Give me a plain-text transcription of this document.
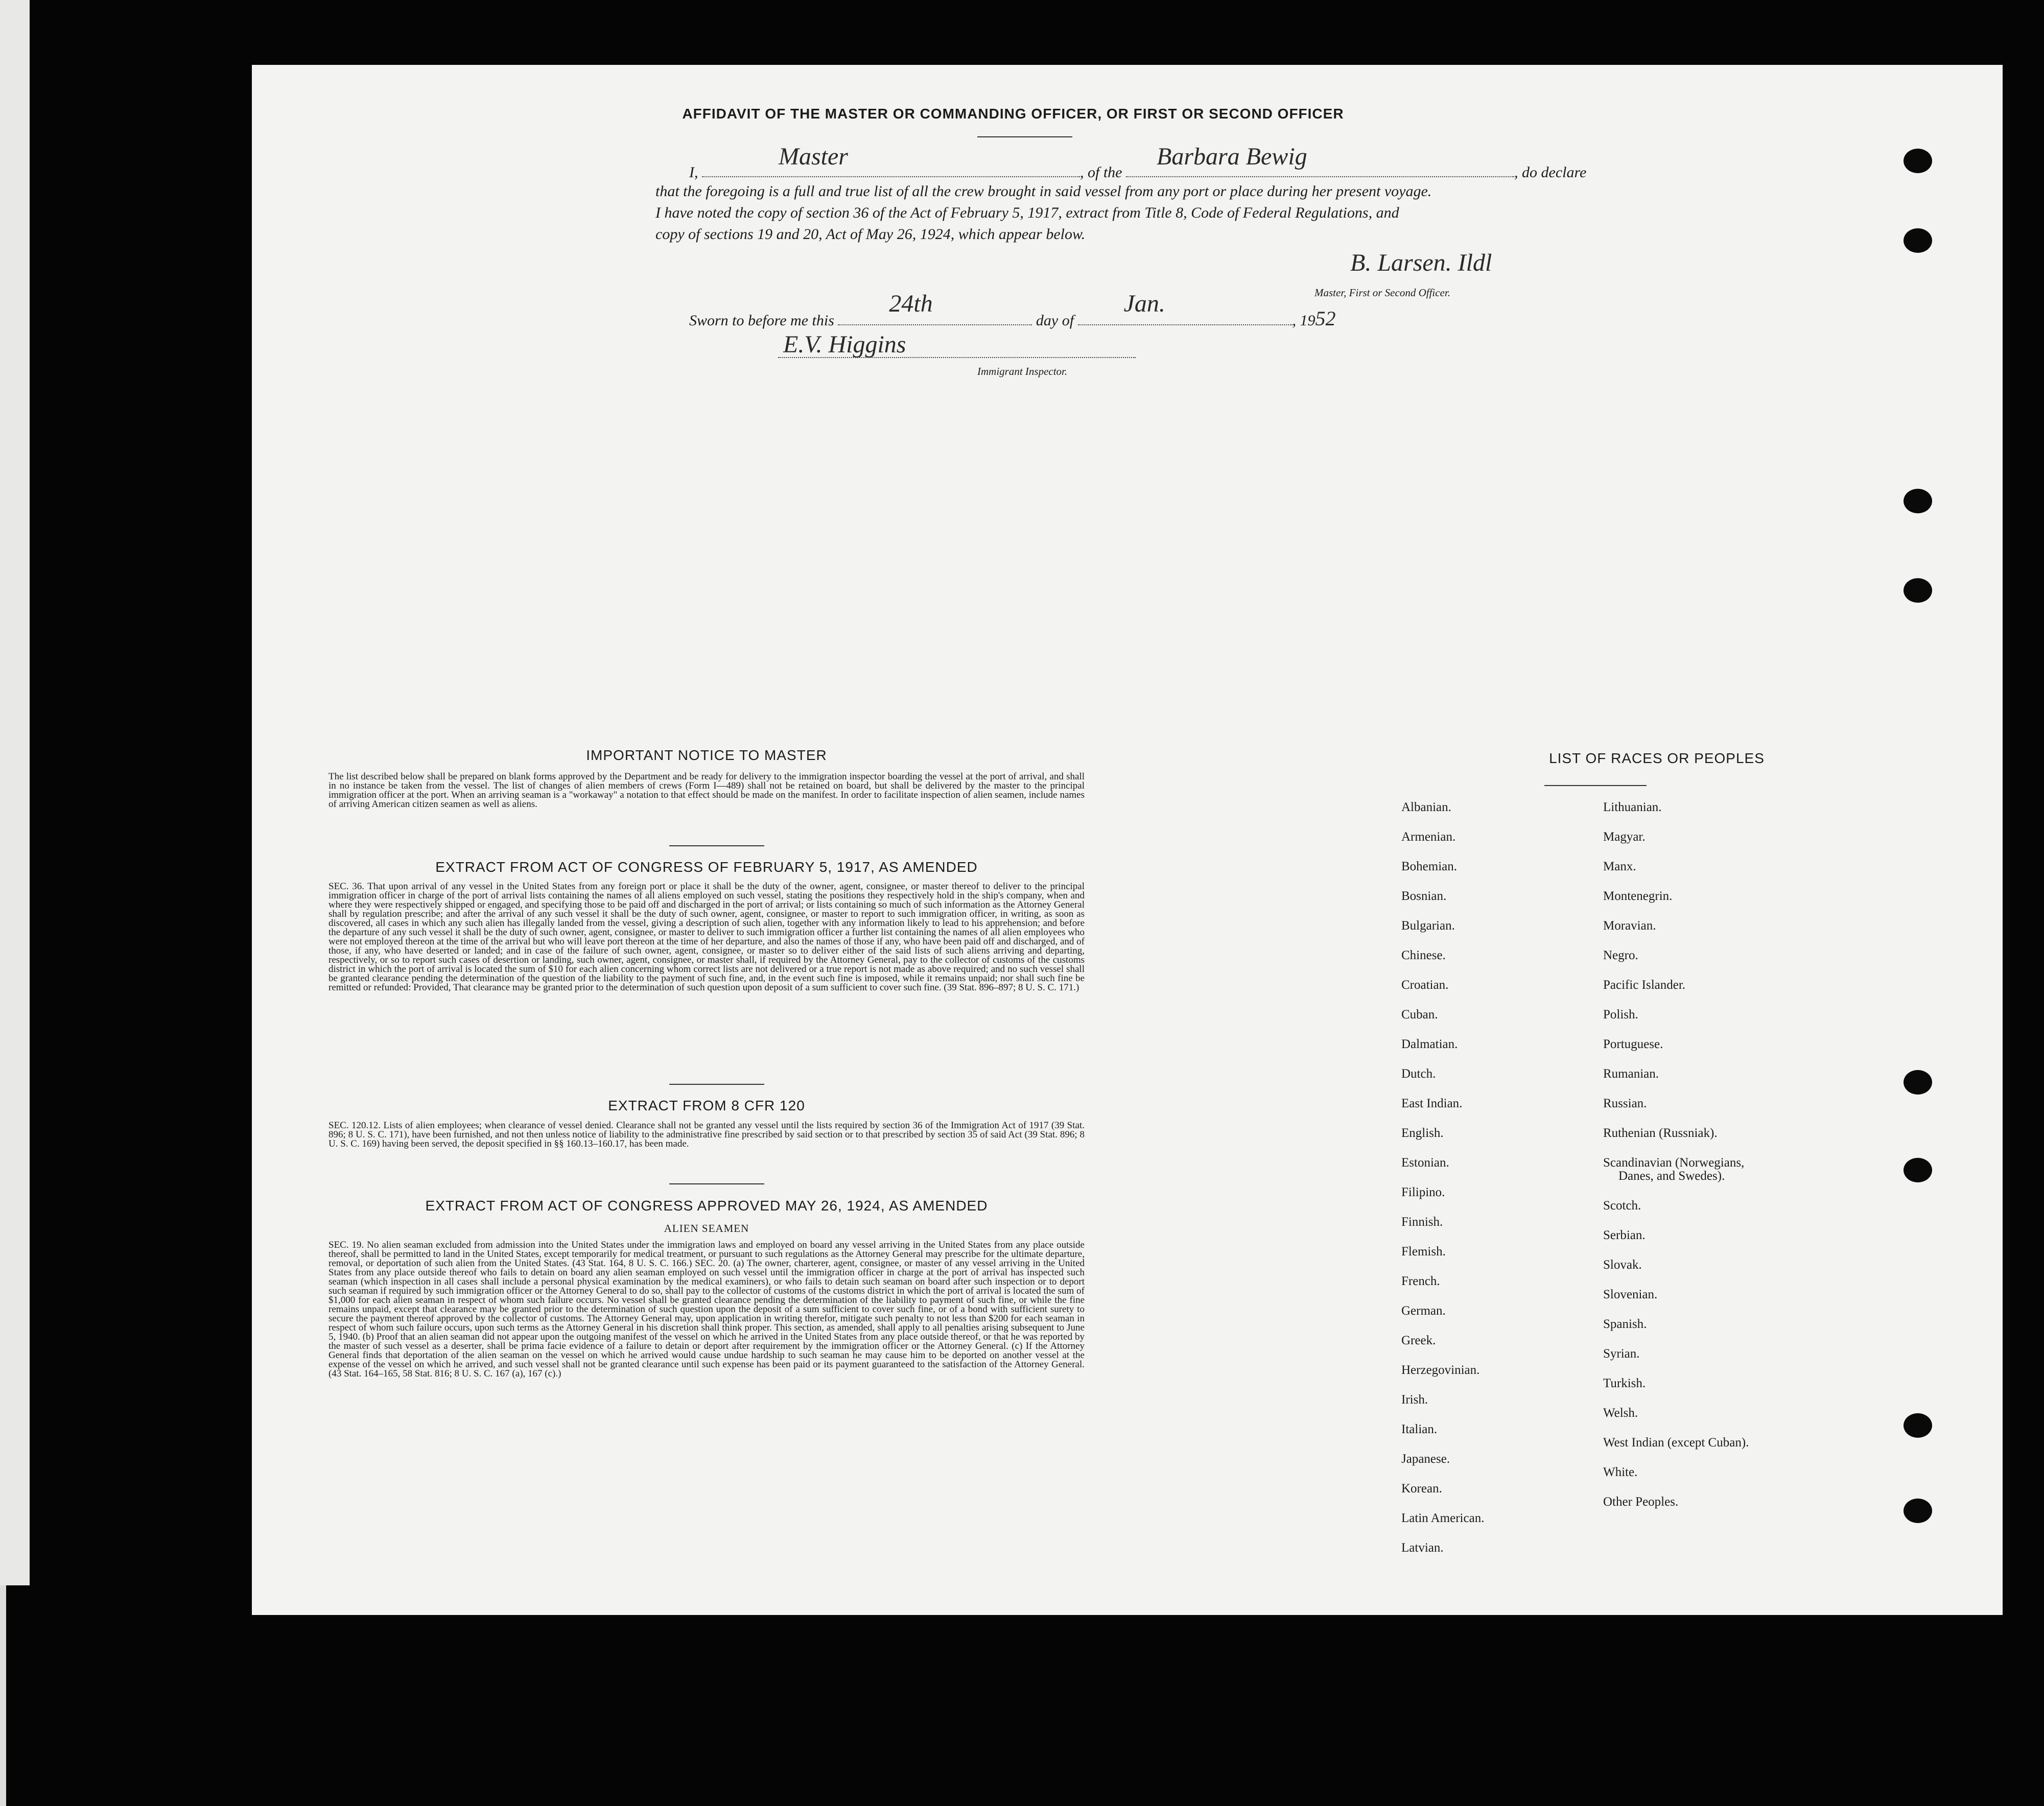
AFFIDAVIT OF THE MASTER OR COMMANDING OFFICER, OR FIRST OR SECOND OFFICER
I,
Master
, of the
Barbara Bewig
, do declare
that the foregoing is a full and true list of all the crew brought in said vessel from any port or place during her present voyage.
I have noted the copy of section 36 of the Act of February 5, 1917, extract from Title 8, Code of Federal Regulations, and
copy of sections 19 and 20, Act of May 26, 1924, which appear below.
B. Larsen. Ildl
Master, First or Second Officer.
Sworn to before me this
24th
day of
Jan.
, 1952
E.V. Higgins
Immigrant Inspector.
IMPORTANT NOTICE TO MASTER
The list described below shall be prepared on blank forms approved by the Department and be ready for delivery to the immigration inspector boarding the vessel at the port of arrival, and shall in no instance be taken from the vessel. The list of changes of alien members of crews (Form I—489) shall not be retained on board, but shall be delivered by the master to the principal immigration officer at the port. When an arriving seaman is a "workaway" a notation to that effect should be made on the manifest. In order to facilitate inspection of alien seamen, include names of arriving American citizen seamen as well as aliens.
EXTRACT FROM ACT OF CONGRESS OF FEBRUARY 5, 1917, AS AMENDED
SEC. 36. That upon arrival of any vessel in the United States from any foreign port or place it shall be the duty of the owner, agent, consignee, or master thereof to deliver to the principal immigration officer in charge of the port of arrival lists containing the names of all aliens employed on such vessel, stating the positions they respectively hold in the ship's company, when and where they were respectively shipped or engaged, and specifying those to be paid off and discharged in the port of arrival; or lists containing so much of such information as the Attorney General shall by regulation prescribe; and after the arrival of any such vessel it shall be the duty of such owner, agent, consignee, or master to report to such immigration officer, in writing, as soon as discovered, all cases in which any such alien has illegally landed from the vessel, giving a description of such alien, together with any information likely to lead to his apprehension; and before the departure of any such vessel it shall be the duty of such owner, agent, consignee, or master to deliver to such immigration officer a further list containing the names of all alien employees who were not employed thereon at the time of the arrival but who will leave port thereon at the time of her departure, and also the names of those if any, who have been paid off and discharged, and of those, if any, who have deserted or landed; and in case of the failure of such owner, agent, consignee, or master so to deliver either of the said lists of such aliens arriving and departing, respectively, or so to report such cases of desertion or landing, such owner, agent, consignee, or master shall, if required by the Attorney General, pay to the collector of customs of the customs district in which the port of arrival is located the sum of $10 for each alien concerning whom correct lists are not delivered or a true report is not made as above required; and no such vessel shall be granted clearance pending the determination of the question of the liability to the payment of such fine, and, in the event such fine is imposed, while it remains unpaid; nor shall such fine be remitted or refunded: Provided, That clearance may be granted prior to the determination of such question upon deposit of a sum sufficient to cover such fine. (39 Stat. 896–897; 8 U. S. C. 171.)
EXTRACT FROM 8 CFR 120
SEC. 120.12. Lists of alien employees; when clearance of vessel denied. Clearance shall not be granted any vessel until the lists required by section 36 of the Immigration Act of 1917 (39 Stat. 896; 8 U. S. C. 171), have been furnished, and not then unless notice of liability to the administrative fine prescribed by said section or to that prescribed by section 35 of said Act (39 Stat. 896; 8 U. S. C. 169) having been served, the deposit specified in §§ 160.13–160.17, has been made.
EXTRACT FROM ACT OF CONGRESS APPROVED MAY 26, 1924, AS AMENDED
ALIEN SEAMEN
SEC. 19. No alien seaman excluded from admission into the United States under the immigration laws and employed on board any vessel arriving in the United States from any place outside thereof, shall be permitted to land in the United States, except temporarily for medical treatment, or pursuant to such regulations as the Attorney General may prescribe for the ultimate departure, removal, or deportation of such alien from the United States. (43 Stat. 164, 8 U. S. C. 166.) SEC. 20. (a) The owner, charterer, agent, consignee, or master of any vessel arriving in the United States from any place outside thereof who fails to detain on board any alien seaman employed on such vessel until the immigration officer in charge at the port of arrival has inspected such seaman (which inspection in all cases shall include a personal physical examination by the medical examiners), or who fails to detain such seaman on board after such inspection or to deport such seaman if required by such immigration officer or the Attorney General to do so, shall pay to the collector of customs of the customs district in which the port of arrival is located the sum of $1,000 for each alien seaman in respect of whom such failure occurs. No vessel shall be granted clearance pending the determination of the liability to payment of such fine, or while the fine remains unpaid, except that clearance may be granted prior to the determination of such question upon the deposit of a sum sufficient to cover such fine, or of a bond with sufficient surety to secure the payment thereof approved by the collector of customs. The Attorney General may, upon application in writing therefor, mitigate such penalty to not less than $200 for each seaman in respect of whom such failure occurs, upon such terms as the Attorney General in his discretion shall think proper. This section, as amended, shall apply to all penalties arising subsequent to June 5, 1940. (b) Proof that an alien seaman did not appear upon the outgoing manifest of the vessel on which he arrived in the United States from any place outside thereof, or that he was reported by the master of such vessel as a deserter, shall be prima facie evidence of a failure to detain or deport after requirement by the immigration officer or the Attorney General. (c) If the Attorney General finds that deportation of the alien seaman on the vessel on which he arrived would cause undue hardship to such seaman he may cause him to be deported on another vessel at the expense of the vessel on which he arrived, and such vessel shall not be granted clearance until such expense has been paid or its payment guaranteed to the satisfaction of the Attorney General. (43 Stat. 164–165, 58 Stat. 816; 8 U. S. C. 167 (a), 167 (c).)
LIST OF RACES OR PEOPLES
Albanian.
Armenian.
Bohemian.
Bosnian.
Bulgarian.
Chinese.
Croatian.
Cuban.
Dalmatian.
Dutch.
East Indian.
English.
Estonian.
Filipino.
Finnish.
Flemish.
French.
German.
Greek.
Herzegovinian.
Irish.
Italian.
Japanese.
Korean.
Latin American.
Latvian.
Lithuanian.
Magyar.
Manx.
Montenegrin.
Moravian.
Negro.
Pacific Islander.
Polish.
Portuguese.
Rumanian.
Russian.
Ruthenian (Russniak).
Scandinavian (Norwegians,
Danes, and Swedes).
Scotch.
Serbian.
Slovak.
Slovenian.
Spanish.
Syrian.
Turkish.
Welsh.
West Indian (except Cuban).
White.
Other Peoples.
